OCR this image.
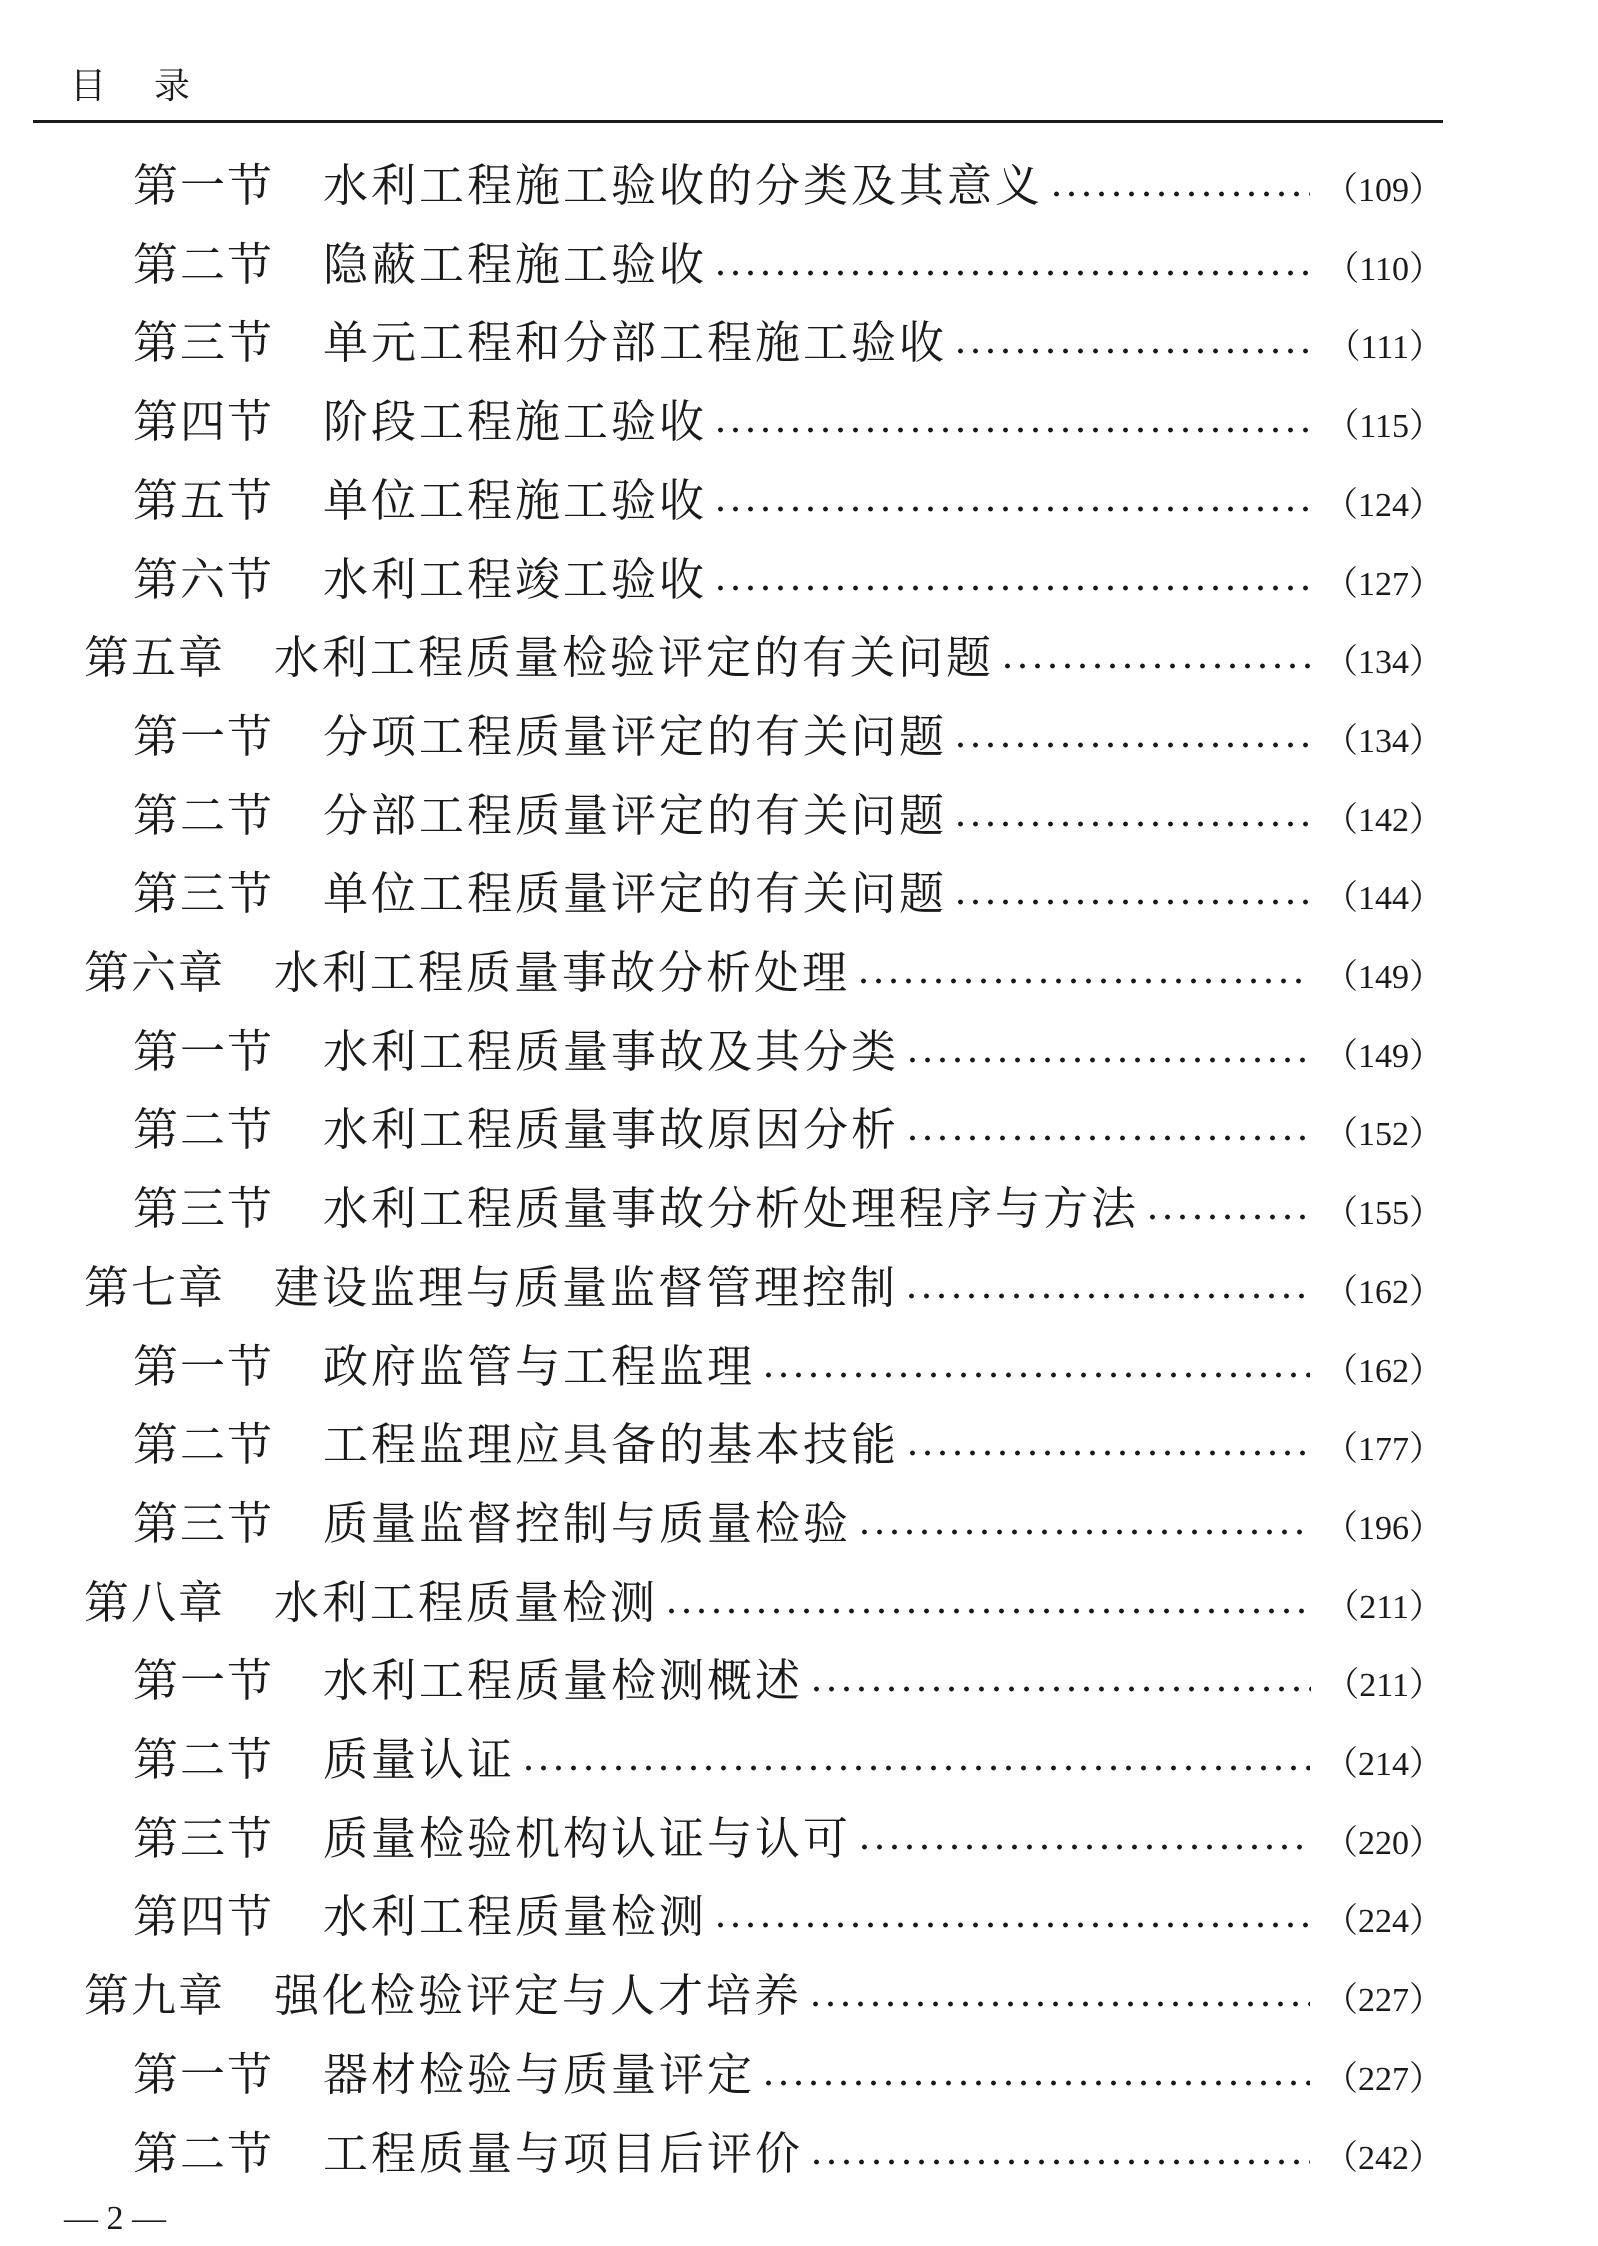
目录
第一节	水利工程施工验收的分类及其意义	（109）
第二节	隐蔽工程施工验收	（110）
第三节	单元工程和分部工程施工验收	（111）
第四节	阶段工程施工验收	（115）
第五节	单位工程施工验收	（124）
第六节	水利工程竣工验收	（127）
第五章	水利工程质量检验评定的有关问题	（134）
第一节	分项工程质量评定的有关问题	（134）
第二节	分部工程质量评定的有关问题	（142）
第三节	单位工程质量评定的有关问题	（144）
第六章	水利工程质量事故分析处理	（149）
第一节	水利工程质量事故及其分类	（149）
第二节	水利工程质量事故原因分析	（152）
第三节	水利工程质量事故分析处理程序与方法	（155）
第七章	建设监理与质量监督管理控制	（162）
第一节	政府监管与工程监理	（162）
第二节	工程监理应具备的基本技能	（177）
第三节	质量监督控制与质量检验	（196）
第八章	水利工程质量检测	（211）
第一节	水利工程质量检测概述	（211）
第二节	质量认证	（214）
第三节	质量检验机构认证与认可	（220）
第四节	水利工程质量检测	（224）
第九章	强化检验评定与人才培养	（227）
第一节	器材检验与质量评定	（227）
第二节	工程质量与项目后评价	（242）
— 2 —
